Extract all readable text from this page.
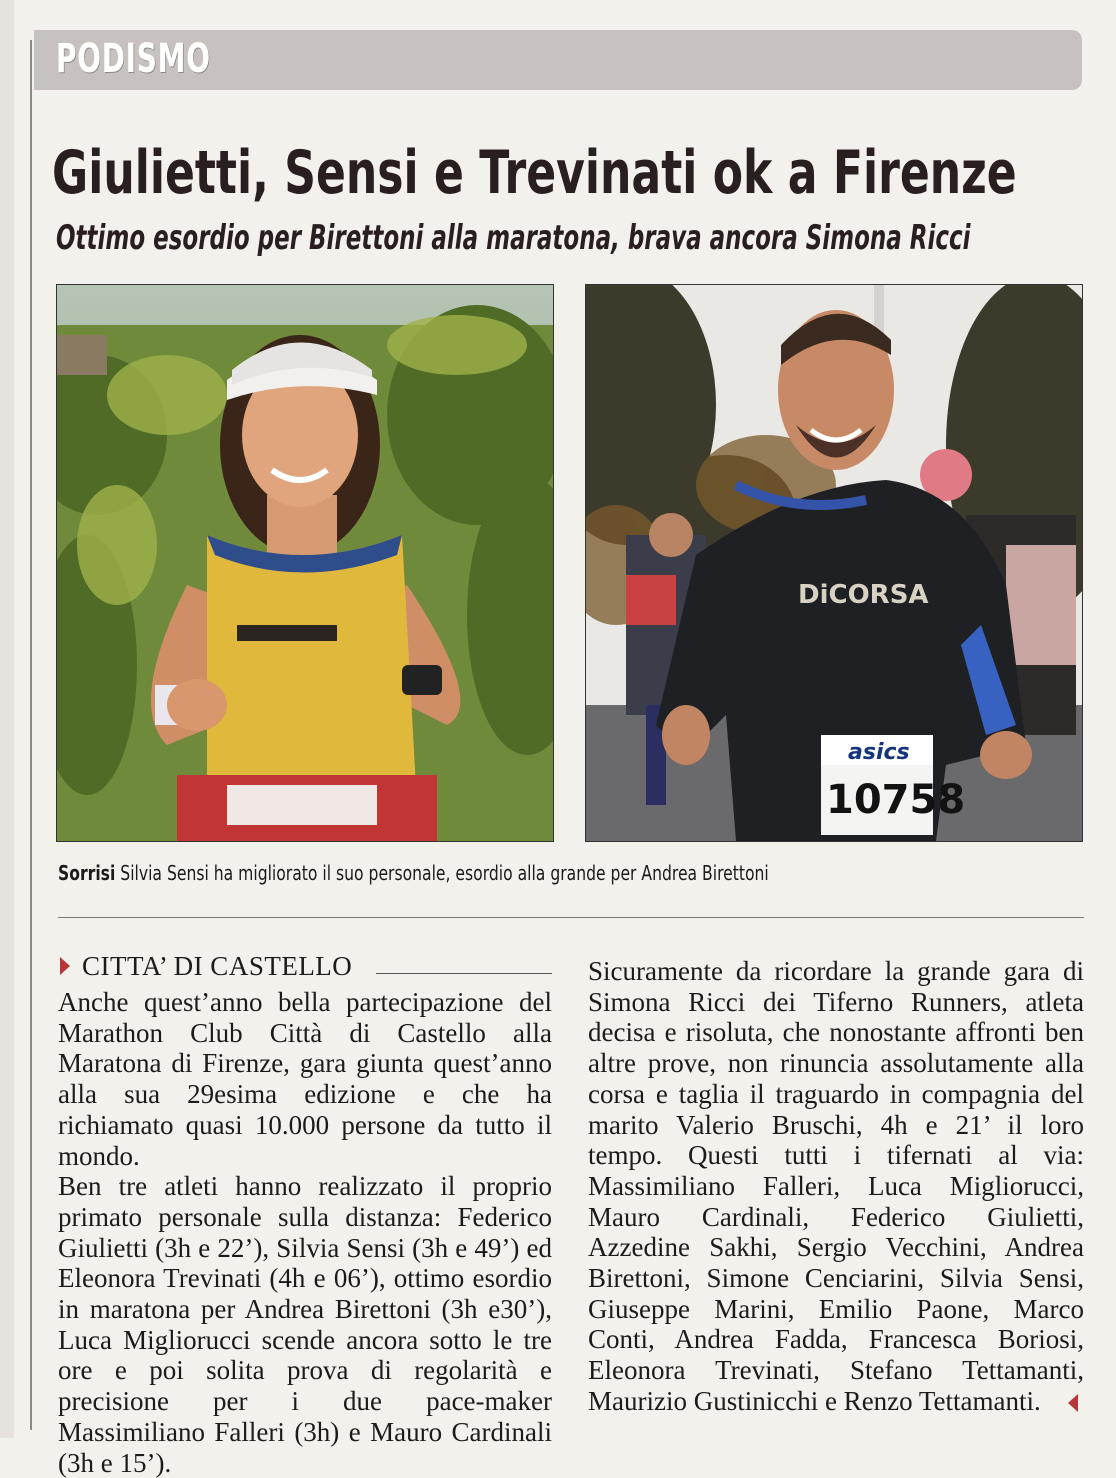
PODISMO
Giulietti, Sensi e Trevinati ok a Firenze
Ottimo esordio per Birettoni alla maratona, brava ancora Simona Ricci
DiCORSA
asics
10758
Sorrisi Silvia Sensi ha migliorato il suo personale, esordio alla grande per Andrea Birettoni
CITTA’ DI CASTELLO

Anche quest’anno bella partecipazione del Marathon Club Città di Castello alla Maratona di Firenze, gara giunta quest’anno alla sua 29esima edizione e che ha richiamato quasi 10.000 persone da tutto il mondo.
Ben tre atleti hanno realizzato il proprio primato personale sulla distanza: Federico Giulietti (3h e 22’), Silvia Sensi (3h e 49’) ed Eleonora Trevinati (4h e 06’), ottimo esordio in maratona per Andrea Birettoni (3h e30’), Luca Migliorucci scende ancora sotto le tre ore e poi solita prova di regolarità e precisione per i due pace-maker Massimiliano Falleri (3h) e Mauro Cardinali (3h e 15’).

Sicuramente da ricordare la grande gara di Simona Ricci dei Tiferno Runners, atleta decisa e risoluta, che nonostante affronti ben altre prove, non rinuncia assolutamente alla corsa e taglia il traguardo in compagnia del marito Valerio Bruschi, 4h e 21’ il loro tempo. Questi tutti i tifernati al via: Massimiliano Falleri, Luca Migliorucci, Mauro Cardinali, Federico Giulietti, Azzedine Sakhi, Sergio Vecchini, Andrea Birettoni, Simone Cenciarini, Silvia Sensi, Giuseppe Marini, Emilio Paone, Marco Conti, Andrea Fadda, Francesca Boriosi, Eleonora Trevinati, Stefano Tettamanti, Maurizio Gustinicchi e Renzo Tettamanti.
